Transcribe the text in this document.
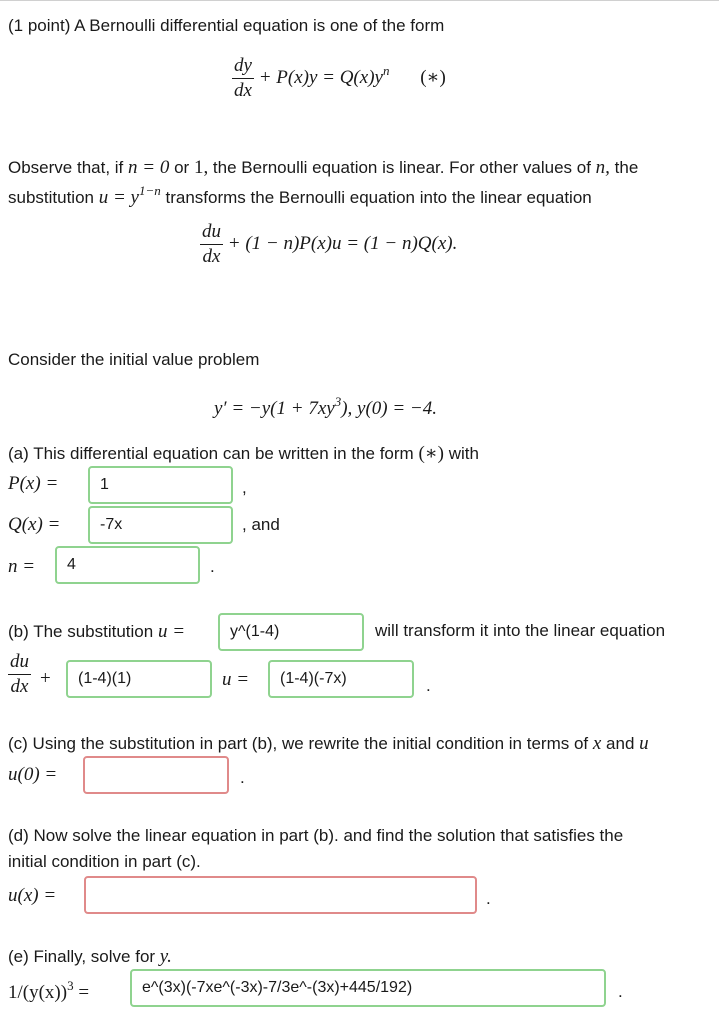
(1 point) A Bernoulli differential equation is one of the form
$\frac{dy}{dx} + P(x)y = Q(x)y^n$ (∗)
Observe that, if n = 0 or 1, the Bernoulli equation is linear. For other values of n, the
substitution $u = y^{1-n}$ transforms the Bernoulli equation into the linear equation
$\frac{du}{dx} + (1 - n)P(x)u = (1 - n)Q(x)$.
Consider the initial value problem
$y' = -y(1 + 7xy^3)$, y(0) = −4.
(a) This differential equation can be written in the form (∗) with
P(x) =	1	,
Q(x) =	-7x	, and
n =	4	.
(b) The substitution u =	y^(1-4)	will transform it into the linear equation
$\frac{du}{dx}$ +	(1-4)(1)	u =	(1-4)(-7x)	.
(c) Using the substitution in part (b), we rewrite the initial condition in terms of x and u
u(0) =	.
(d) Now solve the linear equation in part (b). and find the solution that satisfies the
initial condition in part (c).
u(x) =	.
(e) Finally, solve for y.
$1/(y(x))^3$ =	e^(3x)(-7xe^(-3x)-7/3e^-(3x)+445/192)	.
